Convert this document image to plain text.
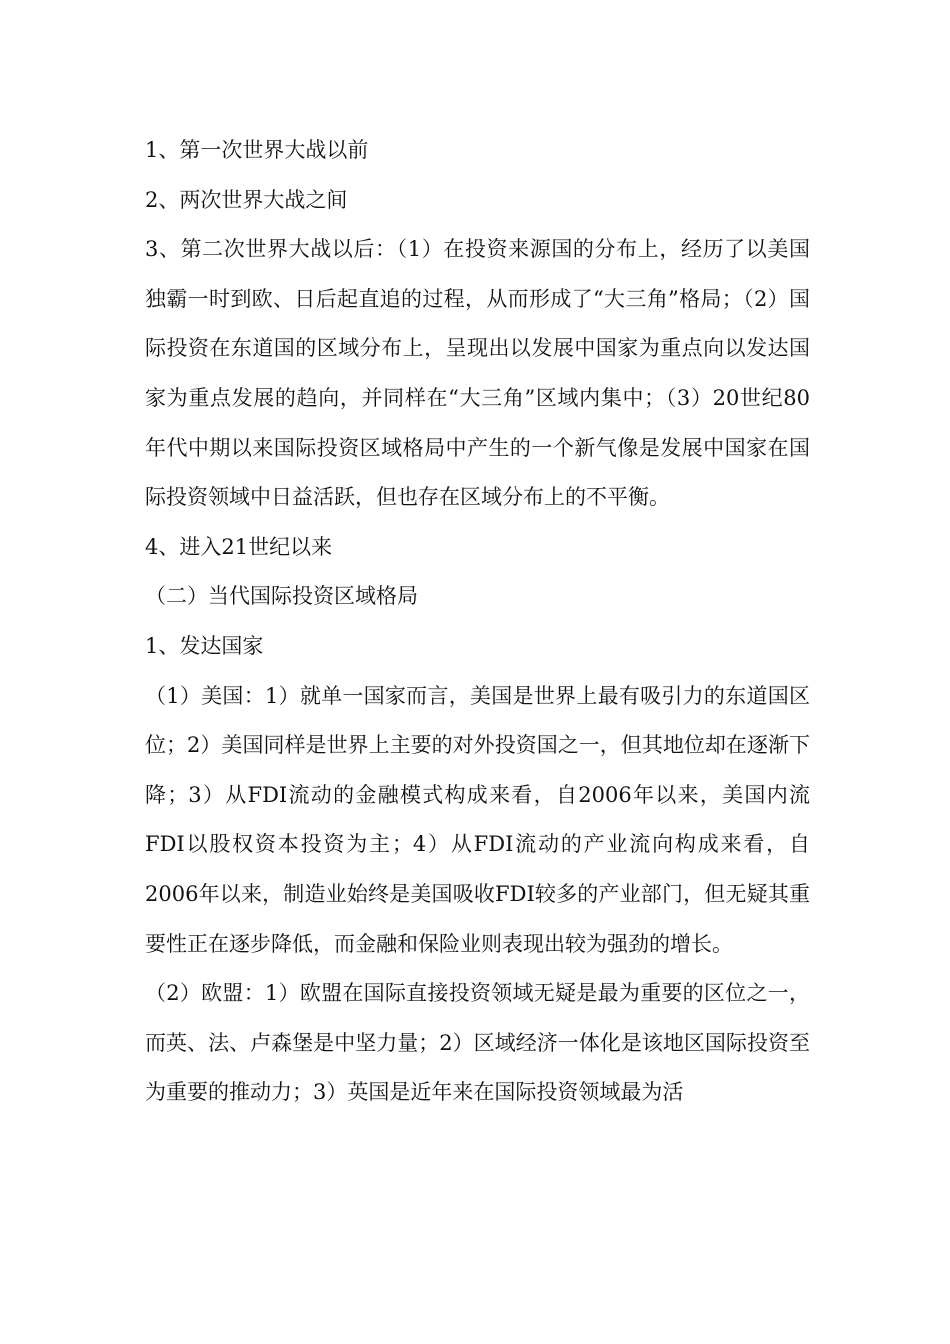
1、第一次世界大战以前

2、两次世界大战之间

3、第二次世界大战以后：（1）在投资来源国的分布上，经历了以美国独霸一时到欧、日后起直追的过程，从而形成了“大三角”格局；（2）国际投资在东道国的区域分布上，呈现出以发展中国家为重点向以发达国家为重点发展的趋向，并同样在“大三角”区域内集中；（3）20世纪80年代中期以来国际投资区域格局中产生的一个新气像是发展中国家在国际投资领域中日益活跃，但也存在区域分布上的不平衡。

4、进入21世纪以来

（二）当代国际投资区域格局

1、发达国家

（1）美国：1）就单一国家而言，美国是世界上最有吸引力的东道国区位；2）美国同样是世界上主要的对外投资国之一，但其地位却在逐渐下降；3）从FDI流动的金融模式构成来看，自2006年以来，美国内流FDI以股权资本投资为主；4）从FDI流动的产业流向构成来看，自2006年以来，制造业始终是美国吸收FDI较多的产业部门，但无疑其重要性正在逐步降低，而金融和保险业则表现出较为强劲的增长。

（2）欧盟：1）欧盟在国际直接投资领域无疑是最为重要的区位之一，而英、法、卢森堡是中坚力量；2）区域经济一体化是该地区国际投资至为重要的推动力；3）英国是近年来在国际投资领域最为活
